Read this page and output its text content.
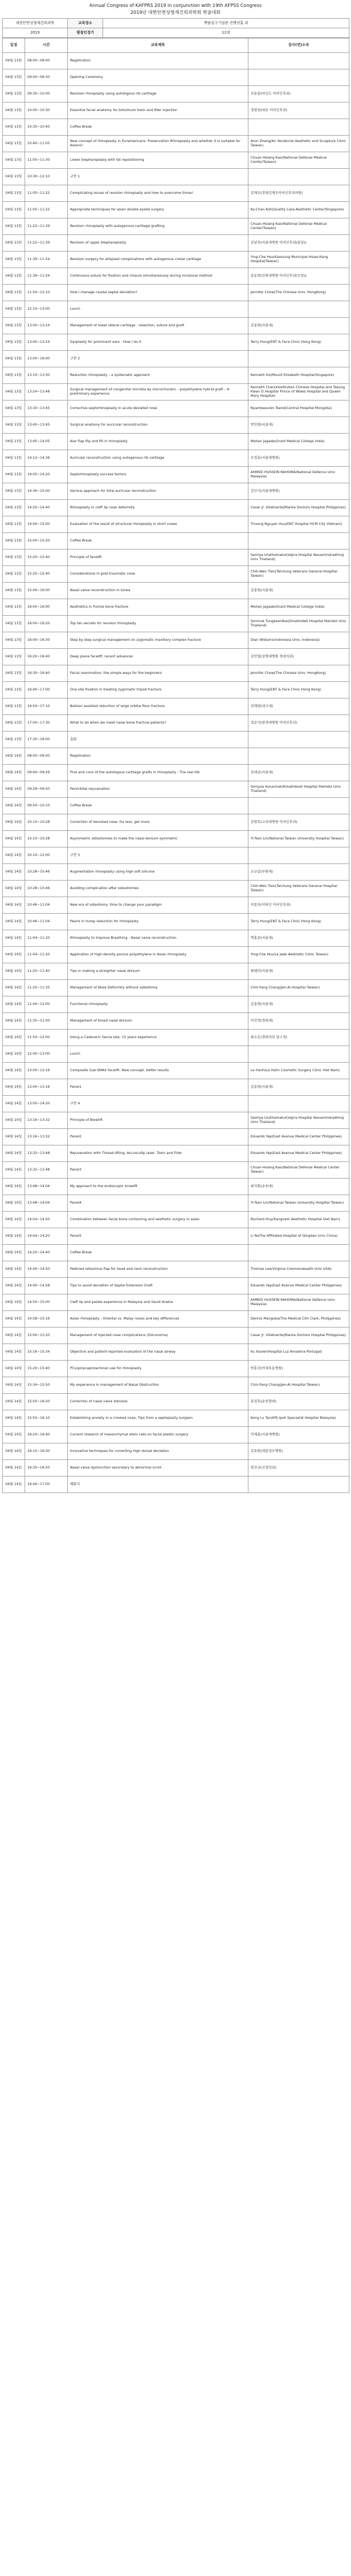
Annual Congress of KAFPRS 2019 in conjunction with 19th AFPSS Congress
2019년 대한안면성형재건외과학회 학술대회
대한안면성형재건외과학	교육장소	백범김구기념관 컨벤션홀 외
2019	평점인정기	12점
일정	시간	교육제목	강사(연)소속
04월 13일	08:00~09:00	Registration	
04월 13일	09:00~09:30	Opening Ceremony	
04월 13일	09:30~10:00	Revision rhinoplasty using autologous rib cartilage	진용봉(마인드 이비인후과)
04월 13일	10:00~10:30	Essential facial anatomy for botulinum toxin and filler injection	정현천(바른 이비인후과)
04월 13일	10:30~10:40	Coffee Break	
04월 13일	10:40~11:05	New concept of rhinoplasty in Euramericans: Preservation Rhinoplasty and whether it is suitable for Asians?	Aron Zhang/An Yan/Acme Aesthetic and Sculpture Clinic Taiwan)
04월 13일	11:05~11:30	Lower blepharoplasty with fat repositioning	Chuan-Hsiang Kao(National Defense Medical Center/Taiwan)
04월 13일	10:30~12:10	구연 1	
04월 13일	11:05~11:22	Complicating issues of revision rhinoplasty and how to overcome those!	김재우(킴앤김재우이비인후과의원)
04월 13일	11:05~11:22	Appropriate techniques for asian double eyelid surgery	Ky-Chan Koh(Quality Care-Aesthetic Center/Singapore)
04월 13일	11:22~11:39	Revision rhinoplasty with autogenous cartilage grafting	Chuan-Hsiang Kao(National Defense Medical Center/Taiwan)
04월 13일	11:22~11:39	Revision of upper blepharoplasty	김남욱(서울대병원 이비인후과(분당))
04월 13일	11:39~11:54	Revision surgery for alloplast complications with autogenous costal cartilage	Ying-Che Hsu(Kaosiung Municipal Hsiao-Kang Hospital/Taiwan)
04월 13일	11:39~11:54	Continuous suture for fixation and closure simultaneously during incisional method	송동현(인하대병원 이비인후과(인천))
04월 13일	11:54~12:10	How I manage caudal septal deviation?	Jennifer Chow(The Chinese Univ. HongKong)
04월 13일	12:10~13:00	Lunch	
04월 13일	13:00~13:24	Management of lower lateral cartilage : resection, suture and graft	김종현(서울대)
04월 13일	13:00~13:24	Dysplasty for prominent ears : How I do it	Terry Hung(ENT & Face Clinic Hong Kong)
04월 13일	13:00~16:00	구연 2	
04월 13일	13:10~13:30	Reduction rhinoplasty – a systematic approach	Kenneth Oo(Mount Elizabeth Hospital/Singapore)
04월 13일	13:24~13:48	Surgical management of congenital microtia by microchondro – polyethylene hybrid graft – A preliminary experience	Kenneth Chan(Hostitution Chinese Hospital and Tseung Kwan O Hospital Prince of Wales Hospital and Queen Mary Hospital)
04월 13일	13:30~13:45	Corrective septorhinoplasty in acute deviated nose	Nyambasuren Tsend(Central Hospital Mongolia)
04월 13일	13:45~13:45	Surgical anatomy for auricular reconstruction	박민현(서울대)
04월 13일	13:45~14:05	Alar flap flip and fill in rhinoplasty	Mohan Jagade(Grant Medical College India)
04월 13일	14:12~14:36	Auricular reconstruction using autogenous rib cartilage	오정훈(서울대병원)
04월 13일	14:05~14:20	Septorhinoplasty success factors	AHMED HUSSEIN RAHOMA(National Defence Univ Malaysia)
04월 13일	14:36~15:00	Various approach for total auricular reconstruction	김인석(서울대병원)
04월 13일	14:20~14:40	Rhinoplasty in cleft lip nose deformity	Cesar Jr. Villafuerte(Manila Doctors Hospital Philippines)
04월 13일	14:40~15:00	Evaluation of the result of structural rhinoplasty in short noses	Thuong Nguyen Huu(ENT Hospital HCM City Vietnam)
04월 13일	15:00~15:20	Coffee Break	
04월 13일	15:20~15:40	Principle of facelift	Saimya Urathamakul(Vajira Hospital Navamindradhiraj Univ Thailand)
04월 13일	15:20~15:40	Considerations in post-traumatic nose	Chih-Wen Tien(Taichung Veterans General Hospital Taiwan)
04월 13일	15:40~16:00	Nasal valve reconstruction in korea	김종현(서울대)
04월 13일	16:00~16:00	Aesthetics in frontal bone fracture	Mohan Jagade(Grant Medical College India)
04월 13일	16:00~16:20	Top ten secrets for revision rhinoplasty	Somnuk Tungkeardkai(Smathideti Hospital Mahidol Univ Thailand)
04월 13일	16:00~16:30	Step by step surgical management on zygomatic maxillary complex fracture	Dian Widiarni(Indonesia Univ. Indonesia)
04월 13일	16:20~16:40	Deep plane facelift: recent advances	김민엽(상명대병원 경희의과)
04월 13일	16:30~16:40	Facial reanimation: the simple ways for the beginners	Jennifer Chow(The Chinese Univ. HongKong)
04월 13일	16:40~17:00	One site fixation in treating zygomatic tripod fracture	Terry Hung(ENT & Face Clinic Hong Kong)
04월 13일	16:50~17:10	Balloon assisted reduction of large orbital floor fracture	권재현(대구대)
04월 13일	17:00~17:30	What to do when we meet nasal bone fracture patients?	정준석(한경대병원 이비인후과)
04월 13일	17:30~18:00	총회	
04월 14일	08:00~09:00	Registration	
04월 14일	09:00~09:29	Pros and cons of the autologous cartilage grafts in rhinoplasty : The real life	김대균(서울대)
04월 14일	09:29~09:50	Periorbital rejuvenation	Somyos Kunachak(Rmathibodi Hospital Mahidol Univ Thailand)
04월 14일	09:50~10:10	Coffee Break	
04월 14일	10:10~10:28	Correction of deviated nose: Do less, get more	김양호(고려대병원 이비인후과)
04월 14일	10:10~10:28	Asymmetric osteotomies to make the nasal dorsum symmetric	Yi-Tsen Lin(National Taiwan University Hospital Taiwan)
04월 14일	10:10~12:00	구연 3	
04월 14일	10:28~10:46	Augmentation rhinoplasty using high soft silicone	조규갑(부원대)
04월 14일	10:28~10:46	Avoiding complication after osteotomies	Chih-Wen Tien(Taichung Veterans General Hospital Taiwan)
04월 14일	10:46~11:04	New era of osteotomy: time to change your paradigm	이종욱(미하인 이비인후과)
04월 14일	10:46~11:04	Pearls in hump reduction for rhinoplasty	Terry Hung(ENT & Face Clinic Hong Kong)
04월 14일	11:04~11:20	Rhinoplasty to Improve Breathing - Nasal valve reconstruction	박홍준(서울대)
04월 14일	11:04~11:20	Application of high-density porous polyethylene in Asian rhinoplasty	Ying-Che Hsu(Le Jade Aesthetic Clinic Taiwan)
04월 14일	11:20~11:40	Tips in making a straighter nasal dorsum	원태민(서울대)
04월 14일	11:20~11:35	Management of Nose Deformity without osteotomy	Chin-Fang Chang(Jen-Ai Hospital Taiwan)
04월 14일	11:40~12:00	Functional rhinoplasty	김종현(서울대)
04월 14일	11:35~11:50	Management of broad nasal dorsum	이진혁(경희대)
04월 14일	11:50~12:00	Using a Cadaveric fascia lata: 15 years experience	최수은(경희의과 압구정)
04월 14일	12:00~13:00	Lunch	
04월 14일	13:00~13:16	Composite Sub-SMAS facelift: New concept, better results	Le Hanh(Le Hahn Cosmetic Surgery Clinic Viet Nam)
04월 14일	13:00~13:16	Panel1	김종현(서울대)
04월 14일	13:00~14:20	구연 4	
04월 14일	13:16~13:32	Principle of Blowlift	Saimya Urathamakul(Vajira Hospital Navamindradhiraj Univ Thailand)
04월 14일	13:16~13:32	Panel2	Eduardo Yap(East Avenue Medical Center Philippines)
04월 14일	13:32~13:48	Rejuvenation with Thread-lifting, Accuscultp laser, Toxin and Filler	Eduardo Yap(East Avenue Medical Center Philippines)
04월 14일	13:32~13:48	Panel3	Chuan-Hsiang Kao(National Defense Medical Center Taiwan)
04월 14일	13:48~14:04	My approach to the endoscopic browlift	최지원(순천대)
04월 14일	13:48~14:04	Panel4	Yi-Tsen Lin(National Taiwan University Hospital Taiwan)
04월 14일	14:04~14:20	Combination between facial bone contouring and aesthetic surgery in asian	Rochard Huy(Kangnam Aesthetic Hospital Viet Nam)
04월 14일	14:04~14:20	Panel5	Li NaThe Affiliated Hospital of Qingdao Univ China)
04월 14일	14:20~14:40	Coffee Break	
04월 14일	14:40~14:50	Pedicled latissimus flap for head and neck reconstruction	Thomas Lee(Virginia Commonwealth Univ USA)
04월 14일	14:40~14:58	Tips to avoid deviation of Septal Extension Graft	Eduardo Yap(East Avenue Medical Center Philippines)
04월 14일	14:50~15:00	Cleft lip and palate experience in Malaysia and Saudi Arabia	AHMED HUSSEIN RAHOMA(National Defence Univ Malaysia)
04월 14일	14:58~15:16	Asian rhinoplasty : Oriental vs. Malay noses and key differences	Dennis Mangoba(The Medical Cith Clark, Philippines)
04월 14일	15:00~15:20	Management of injected nose complications (Siliconoma)	Cesar Jr. Villafuerte(Manila Doctors Hospital Philippines)
04월 14일	15:16~15:34	Objective and patient-reported evaluation of the nasal airway	Ilu Xavier(Hospital Luz Amadora Portugal)
04월 14일	15:20~15:40	PCL(polycaprolactone) use for rhinoplasty	박홍진(이대목동병원)
04월 14일	15:34~15:50	My experience in management of Nasal Obstruction	Chin-Fang Chang(Jen-Ai Hospital Taiwan)
04월 14일	15:50~16:20	Correction of nasal valve stenosis	봉정호(순천향대)
04월 14일	15:50~16:10	Establishing anxiety in a crooked nose- Tips from a septoplasty surgeon	Kong Lu Tan(KPJ Ipoh Specialist Hospital Malaysia)
04월 14일	16:20~16:40	Current research of mesenchymal stem cells on facial plastic surgery	이재훈(서울대병원)
04월 14일	16:10~16:30	Innovative techniques for correcting high dorsal deviation	김효원(대림성모병원)
04월 14일	16:30~16:50	Nasal valve dysfunction secondary to abnormal scroll	임진규(신경의과)
04월 14일	16:40~17:00	폐회식	
